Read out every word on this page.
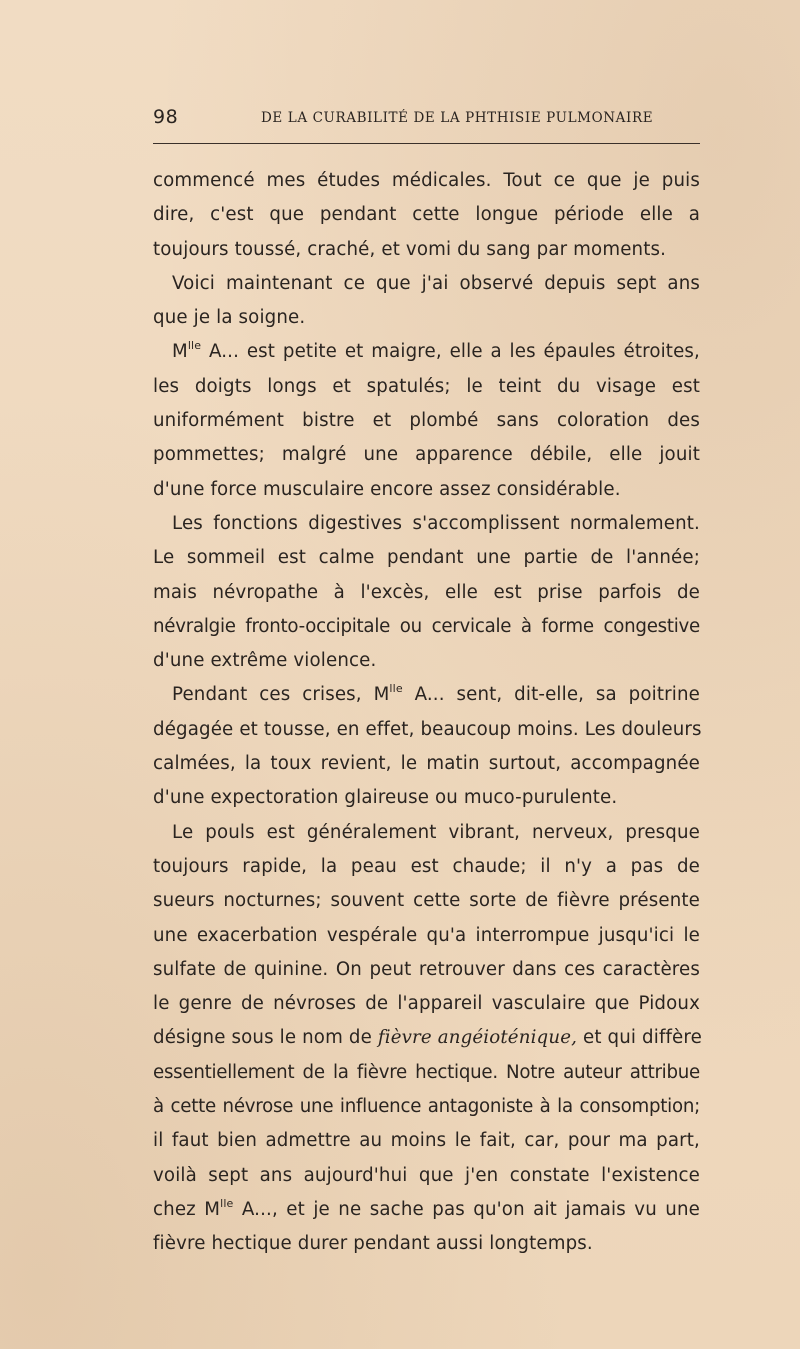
98	DE LA CURABILITÉ DE LA PHTHISIE PULMONAIRE
commencé mes études médicales. Tout ce que je puis
dire, c'est que pendant cette longue période elle a
toujours toussé, craché, et vomi du sang par moments.
Voici maintenant ce que j'ai observé depuis sept ans
que je la soigne.
$M^{lle}$ A... est petite et maigre, elle a les épaules étroites,
les doigts longs et spatulés; le teint du visage est
uniformément bistre et plombé sans coloration des
pommettes; malgré une apparence débile, elle jouit
d'une force musculaire encore assez considérable.
Les fonctions digestives s'accomplissent normalement.
Le sommeil est calme pendant une partie de l'année;
mais névropathe à l'excès, elle est prise parfois de
névralgie fronto-occipitale ou cervicale à forme congestive
d'une extrême violence.
Pendant ces crises, $M^{lle}$ A... sent, dit-elle, sa poitrine
dégagée et tousse, en effet, beaucoup moins. Les douleurs
calmées, la toux revient, le matin surtout, accompagnée
d'une expectoration glaireuse ou muco-purulente.
Le pouls est généralement vibrant, nerveux, presque
toujours rapide, la peau est chaude; il n'y a pas de
sueurs nocturnes; souvent cette sorte de fièvre présente
une exacerbation vespérale qu'a interrompue jusqu'ici le
sulfate de quinine. On peut retrouver dans ces caractères
le genre de névroses de l'appareil vasculaire que Pidoux
désigne sous le nom de fièvre angéioténique, et qui diffère
essentiellement de la fièvre hectique. Notre auteur attribue
à cette névrose une influence antagoniste à la consomption;
il faut bien admettre au moins le fait, car, pour ma part,
voilà sept ans aujourd'hui que j'en constate l'existence
chez $M^{lle}$ A..., et je ne sache pas qu'on ait jamais vu une
fièvre hectique durer pendant aussi longtemps.
